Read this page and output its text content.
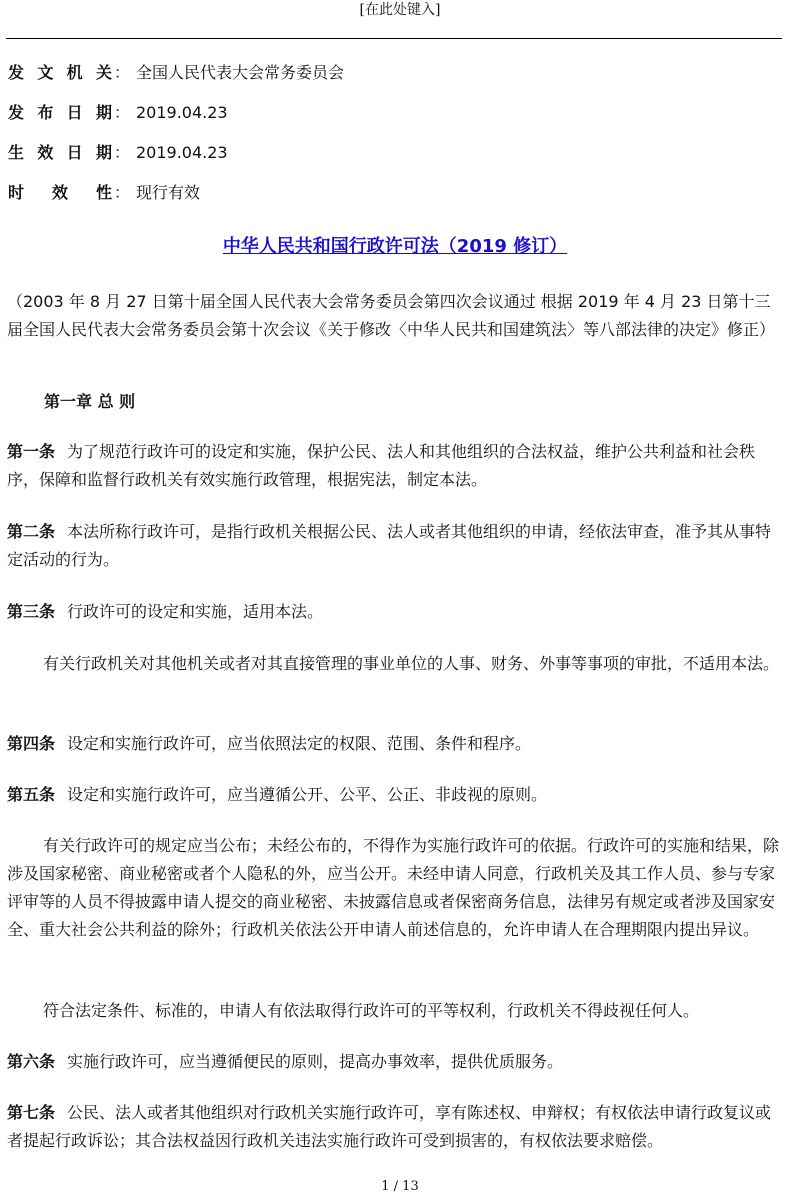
[在此处键入]
发文机关 ： 全国人民代表大会常务委员会
发布日期 ： 2019.04.23
生效日期 ： 2019.04.23
时效性 ： 现行有效
中华人民共和国行政许可法（2019 修订）

（2003 年 8 月 27 日第十届全国人民代表大会常务委员会第四次会议通过 根据 2019 年 4 月 23 日第十三届全国人民代表大会常务委员会第十次会议《关于修改〈中华人民共和国建筑法〉等八部法律的决定》修正）

第一章 总 则

第一条 为了规范行政许可的设定和实施，保护公民、法人和其他组织的合法权益，维护公共利益和社会秩序，保障和监督行政机关有效实施行政管理，根据宪法，制定本法。

第二条 本法所称行政许可，是指行政机关根据公民、法人或者其他组织的申请，经依法审查，准予其从事特定活动的行为。

第三条 行政许可的设定和实施，适用本法。

有关行政机关对其他机关或者对其直接管理的事业单位的人事、财务、外事等事项的审批，不适用本法。

第四条 设定和实施行政许可，应当依照法定的权限、范围、条件和程序。

第五条 设定和实施行政许可，应当遵循公开、公平、公正、非歧视的原则。

有关行政许可的规定应当公布；未经公布的，不得作为实施行政许可的依据。行政许可的实施和结果，除涉及国家秘密、商业秘密或者个人隐私的外，应当公开。未经申请人同意，行政机关及其工作人员、参与专家评审等的人员不得披露申请人提交的商业秘密、未披露信息或者保密商务信息，法律另有规定或者涉及国家安全、重大社会公共利益的除外；行政机关依法公开申请人前述信息的，允许申请人在合理期限内提出异议。

符合法定条件、标准的，申请人有依法取得行政许可的平等权利，行政机关不得歧视任何人。

第六条 实施行政许可，应当遵循便民的原则，提高办事效率，提供优质服务。

第七条 公民、法人或者其他组织对行政机关实施行政许可，享有陈述权、申辩权；有权依法申请行政复议或者提起行政诉讼；其合法权益因行政机关违法实施行政许可受到损害的，有权依法要求赔偿。

1 / 13
